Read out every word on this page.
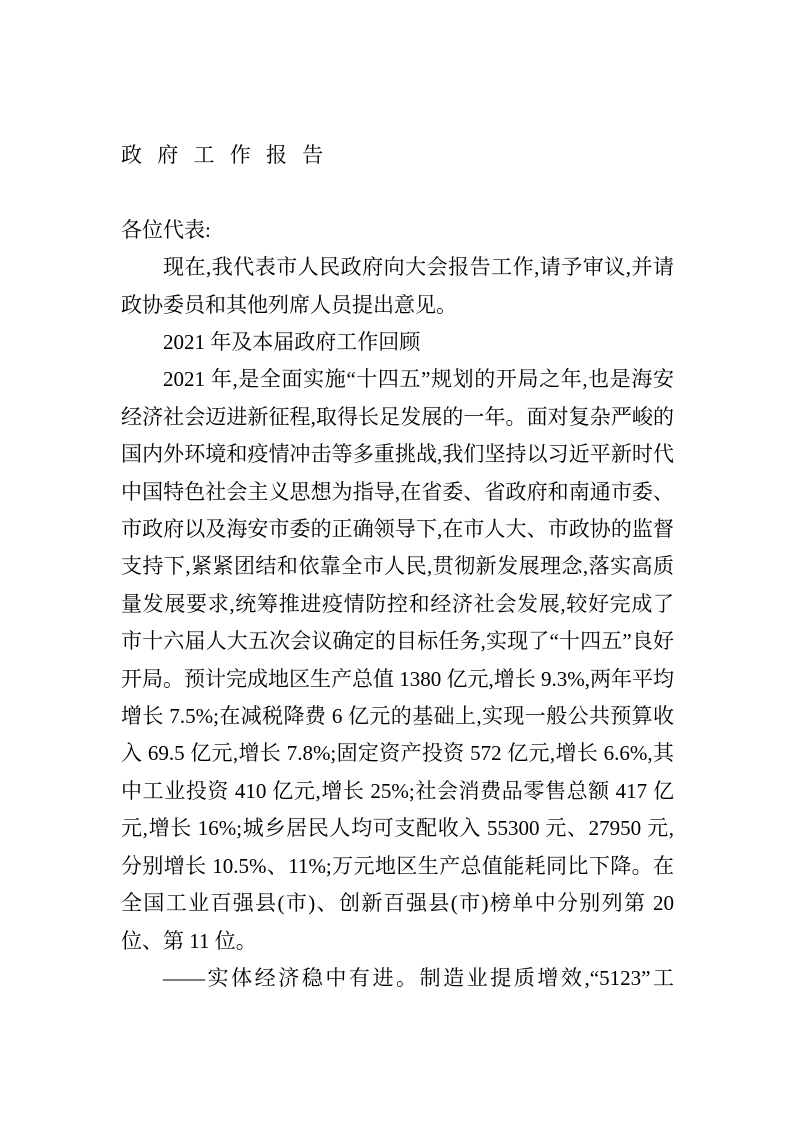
政 府 工 作 报 告

各位代表:

现在,我代表市人民政府向大会报告工作,请予审议,并请政协委员和其他列席人员提出意见。

2021 年及本届政府工作回顾

2021 年,是全面实施“十四五”规划的开局之年,也是海安经济社会迈进新征程,取得长足发展的一年。面对复杂严峻的国内外环境和疫情冲击等多重挑战,我们坚持以习近平新时代中国特色社会主义思想为指导,在省委、省政府和南通市委、市政府以及海安市委的正确领导下,在市人大、市政协的监督支持下,紧紧团结和依靠全市人民,贯彻新发展理念,落实高质量发展要求,统筹推进疫情防控和经济社会发展,较好完成了市十六届人大五次会议确定的目标任务,实现了“十四五”良好开局。预计完成地区生产总值 1380 亿元,增长 9.3%,两年平均增长 7.5%;在减税降费 6 亿元的基础上,实现一般公共预算收入 69.5 亿元,增长 7.8%;固定资产投资 572 亿元,增长 6.6%,其中工业投资 410 亿元,增长 25%;社会消费品零售总额 417 亿元,增长 16%;城乡居民人均可支配收入 55300 元、27950 元,分别增长 10.5%、11%;万元地区生产总值能耗同比下降。在全国工业百强县(市)、创新百强县(市)榜单中分别列第 20 位、第 11 位。

——实体经济稳中有进。制造业提质增效,“5123”工
